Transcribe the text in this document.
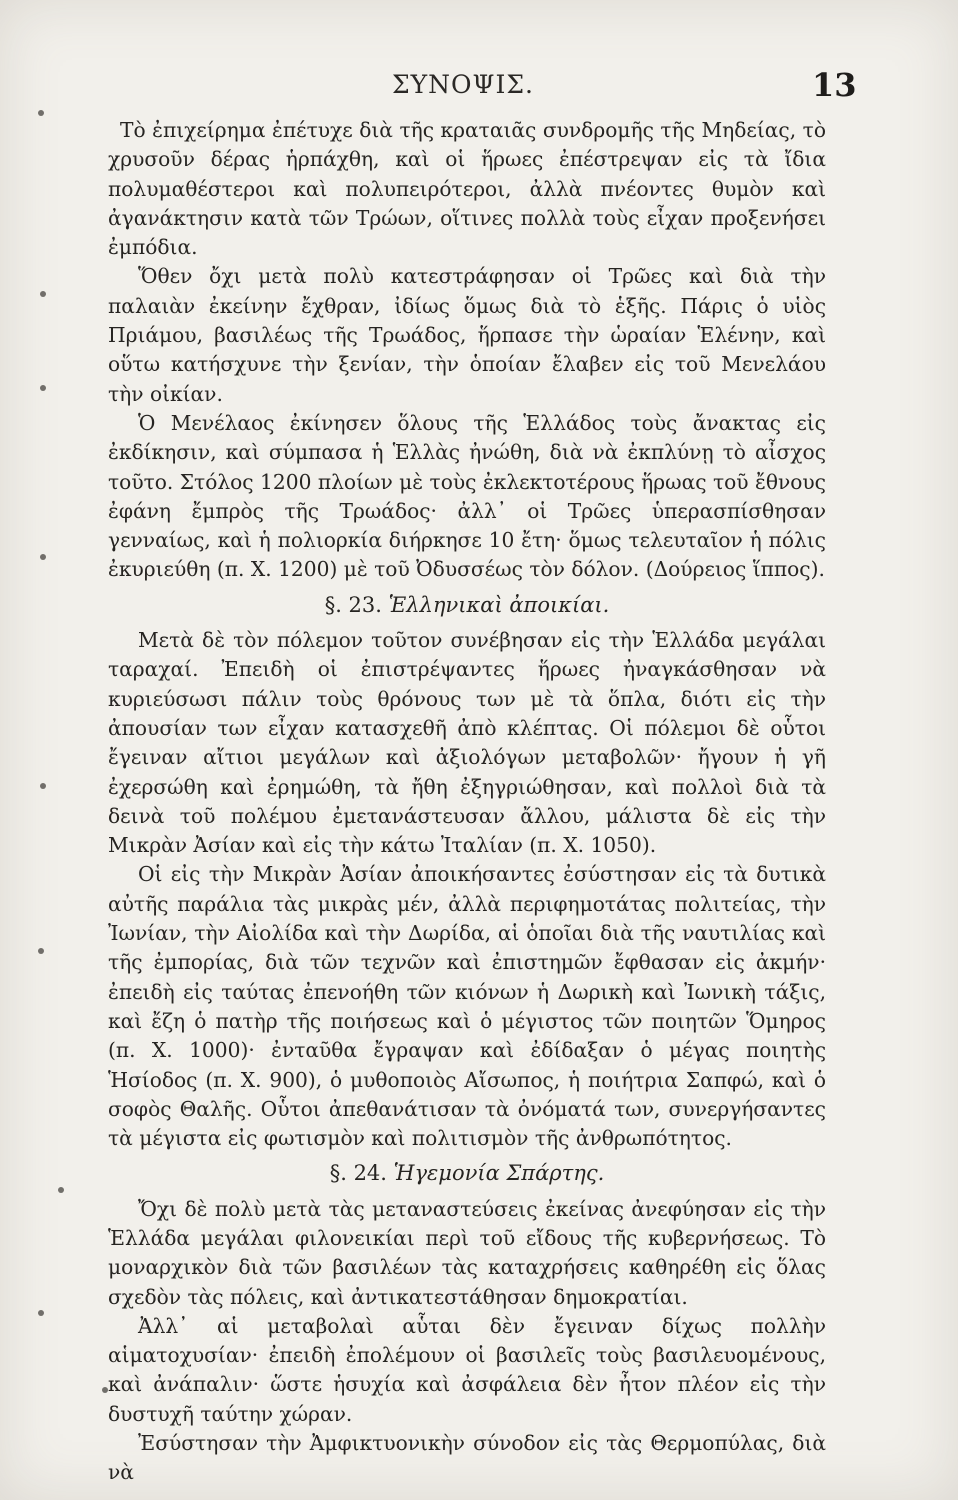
ΣΥΝΟΨΙΣ.	13

Τὸ ἐπιχείρημα ἐπέτυχε διὰ τῆς κραταιᾶς συνδρομῆς τῆς Μηδείας, τὸ χρυσοῦν δέρας ἡρπάχθη, καὶ οἱ ἥρωες ἐπέστρεψαν εἰς τὰ ἴδια πολυμαθέστεροι καὶ πολυπειρότεροι, ἀλλὰ πνέοντες θυμὸν καὶ ἀγανάκτησιν κατὰ τῶν Τρώων, οἵτινες πολλὰ τοὺς εἶχαν προξενήσει ἐμπόδια.

Ὅθεν ὄχι μετὰ πολὺ κατεστράφησαν οἱ Τρῶες καὶ διὰ τὴν παλαιὰν ἐκείνην ἔχθραν, ἰδίως ὅμως διὰ τὸ ἑξῆς. Πάρις ὁ υἱὸς Πριάμου, βασιλέως τῆς Τρωάδος, ἥρπασε τὴν ὡραίαν Ἑλένην, καὶ οὕτω κατήσχυνε τὴν ξενίαν, τὴν ὁποίαν ἔλαβεν εἰς τοῦ Μενελάου τὴν οἰκίαν.

Ὁ Μενέλαος ἐκίνησεν ὅλους τῆς Ἑλλάδος τοὺς ἄνακτας εἰς ἐκδίκησιν, καὶ σύμπασα ἡ Ἑλλὰς ἠνώθη, διὰ νὰ ἐκπλύνῃ τὸ αἶσχος τοῦτο. Στόλος 1200 πλοίων μὲ τοὺς ἐκλεκτοτέρους ἥρωας τοῦ ἔθνους ἐφάνη ἔμπρὸς τῆς Τρωάδος· ἀλλ᾽ οἱ Τρῶες ὑπερασπίσθησαν γενναίως, καὶ ἡ πολιορκία διήρκησε 10 ἔτη· ὅμως τελευταῖον ἡ πόλις ἐκυριεύθη (π. Χ. 1200) μὲ τοῦ Ὀδυσσέως τὸν δόλον. (Δούρειος ἵππος).

§. 23. Ἑλληνικαὶ ἀποικίαι.

Μετὰ δὲ τὸν πόλεμον τοῦτον συνέβησαν εἰς τὴν Ἑλλάδα μεγάλαι ταραχαί. Ἐπειδὴ οἱ ἐπιστρέψαντες ἥρωες ἠναγκάσθησαν νὰ κυριεύσωσι πάλιν τοὺς θρόνους των μὲ τὰ ὅπλα, διότι εἰς τὴν ἀπουσίαν των εἶχαν κατασχεθῆ ἀπὸ κλέπτας. Οἱ πόλεμοι δὲ οὗτοι ἔγειναν αἴτιοι μεγάλων καὶ ἀξιολόγων μεταβολῶν· ἤγουν ἡ γῆ ἐχερσώθη καὶ ἐρημώθη, τὰ ἤθη ἐξηγριώθησαν, καὶ πολλοὶ διὰ τὰ δεινὰ τοῦ πολέμου ἐμετανάστευσαν ἄλλου, μάλιστα δὲ εἰς τὴν Μικρὰν Ἀσίαν καὶ εἰς τὴν κάτω Ἰταλίαν (π. Χ. 1050).

Οἱ εἰς τὴν Μικρὰν Ἀσίαν ἀποικήσαντες ἐσύστησαν εἰς τὰ δυτικὰ αὐτῆς παράλια τὰς μικρὰς μέν, ἀλλὰ περιφημοτάτας πολιτείας, τὴν Ἰωνίαν, τὴν Αἰολίδα καὶ τὴν Δωρίδα, αἱ ὁποῖαι διὰ τῆς ναυτιλίας καὶ τῆς ἐμπορίας, διὰ τῶν τεχνῶν καὶ ἐπιστημῶν ἔφθασαν εἰς ἀκμήν· ἐπειδὴ εἰς ταύτας ἐπενοήθη τῶν κιόνων ἡ Δωρικὴ καὶ Ἰωνικὴ τάξις, καὶ ἔζη ὁ πατὴρ τῆς ποιήσεως καὶ ὁ μέγιστος τῶν ποιητῶν Ὅμηρος (π. Χ. 1000)· ἐνταῦθα ἔγραψαν καὶ ἐδίδαξαν ὁ μέγας ποιητὴς Ἡσίοδος (π. Χ. 900), ὁ μυθοποιὸς Αἴσωπος, ἡ ποιήτρια Σαπφώ, καὶ ὁ σοφὸς Θαλῆς. Οὗτοι ἀπεθανάτισαν τὰ ὀνόματά των, συνεργήσαντες τὰ μέγιστα εἰς φωτισμὸν καὶ πολιτισμὸν τῆς ἀνθρωπότητος.

§. 24. Ἡγεμονία Σπάρτης.

Ὄχι δὲ πολὺ μετὰ τὰς μεταναστεύσεις ἐκείνας ἀνεφύησαν εἰς τὴν Ἑλλάδα μεγάλαι φιλονεικίαι περὶ τοῦ εἴδους τῆς κυβερνήσεως. Τὸ μοναρχικὸν διὰ τῶν βασιλέων τὰς καταχρήσεις καθηρέθη εἰς ὅλας σχεδὸν τὰς πόλεις, καὶ ἀντικατεστάθησαν δημοκρατίαι.

Ἀλλ᾽ αἱ μεταβολαὶ αὗται δὲν ἔγειναν δίχως πολλὴν αἱματοχυσίαν· ἐπειδὴ ἐπολέμουν οἱ βασιλεῖς τοὺς βασιλευομένους, καὶ ἀνάπαλιν· ὥστε ἡσυχία καὶ ἀσφάλεια δὲν ἦτον πλέον εἰς τὴν δυστυχῆ ταύτην χώραν.

Ἐσύστησαν τὴν Ἀμφικτυονικὴν σύνοδον εἰς τὰς Θερμοπύλας, διὰ νὰ
